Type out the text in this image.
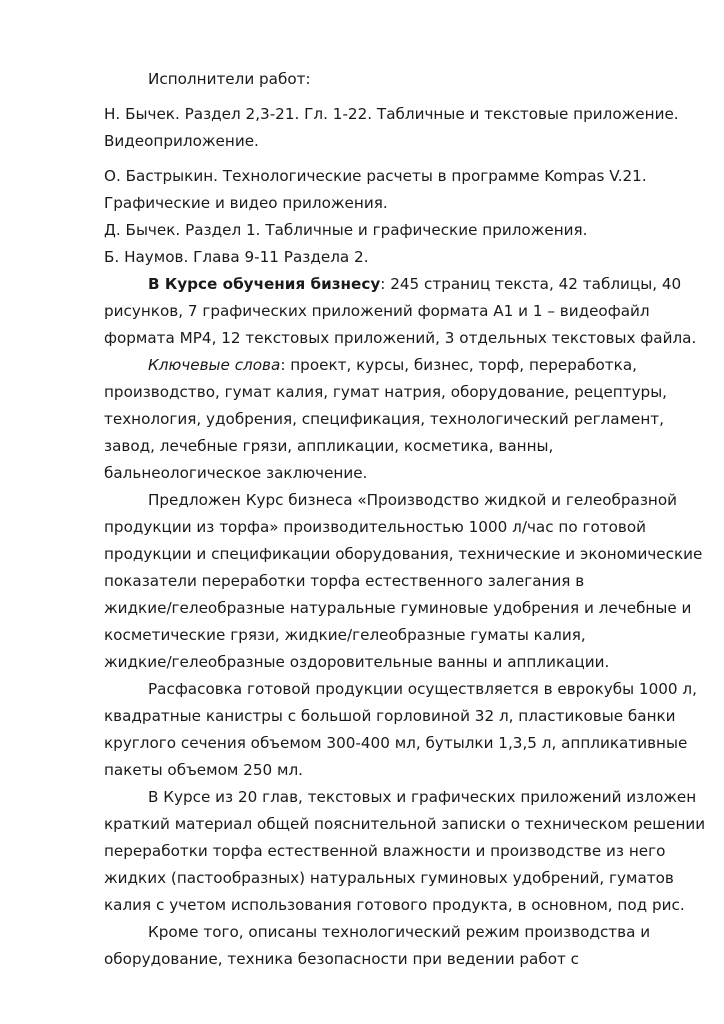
Исполнители работ:

Н. Бычек. Раздел 2,3-21. Гл. 1-22. Табличные и текстовые приложение.
Видеоприложение.

О. Бастрыкин. Технологические расчеты в программе Kompas V.21.
Графические и видео приложения.

Д. Бычек. Раздел 1. Табличные и графические приложения.

Б. Наумов. Глава 9-11 Раздела 2.

В Курсе обучения бизнесу: 245 страниц текста, 42 таблицы, 40
рисунков, 7 графических приложений формата А1 и 1 – видеофайл
формата MP4, 12 текстовых приложений, 3 отдельных текстовых файла.

Ключевые слова: проект, курсы, бизнес, торф, переработка,
производство, гумат калия, гумат натрия, оборудование, рецептуры,
технология, удобрения, спецификация, технологический регламент,
завод, лечебные грязи, аппликации, косметика, ванны,
бальнеологическое заключение.

Предложен Курс бизнеса «Производство жидкой и гелеобразной
продукции из торфа» производительностью 1000 л/час по готовой
продукции и спецификации оборудования, технические и экономические
показатели переработки торфа естественного залегания в
жидкие/гелеобразные натуральные гуминовые удобрения и лечебные и
косметические грязи, жидкие/гелеобразные гуматы калия,
жидкие/гелеобразные оздоровительные ванны и аппликации.

Расфасовка готовой продукции осуществляется в еврокубы 1000 л,
квадратные канистры с большой горловиной 32 л, пластиковые банки
круглого сечения объемом 300-400 мл, бутылки 1,3,5 л, аппликативные
пакеты объемом 250 мл.

В Курсе из 20 глав, текстовых и графических приложений изложен
краткий материал общей пояснительной записки о техническом решении
переработки торфа естественной влажности и производстве из него
жидких (пастообразных) натуральных гуминовых удобрений, гуматов
калия с учетом использования готового продукта, в основном, под рис.

Кроме того, описаны технологический режим производства и
оборудование, техника безопасности при ведении работ с
